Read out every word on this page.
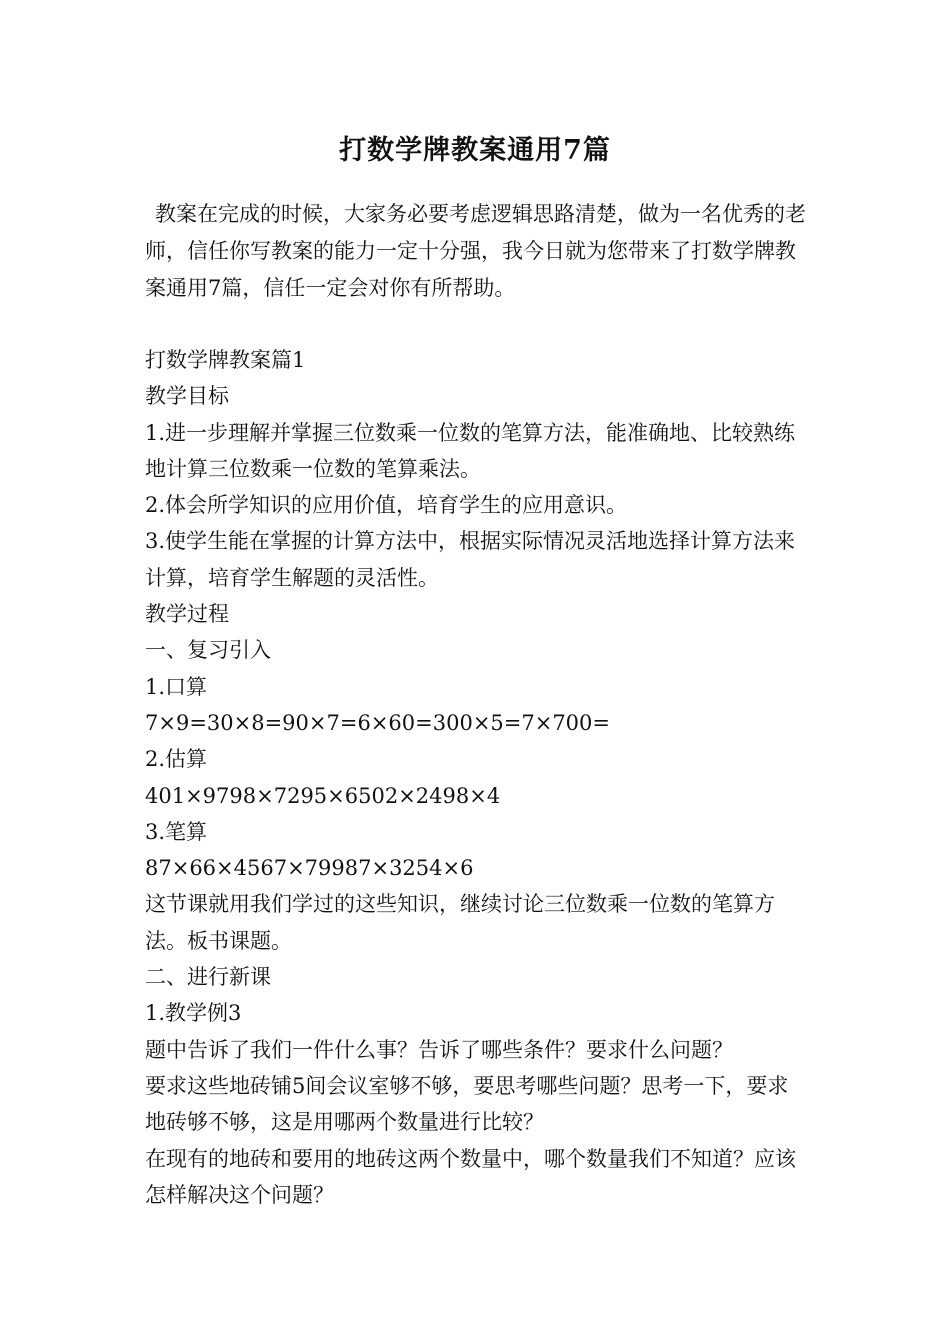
打数学牌教案通用7篇

教案在完成的时候，大家务必要考虑逻辑思路清楚，做为一名优秀的老师，信任你写教案的能力一定十分强，我今日就为您带来了打数学牌教案通用7篇，信任一定会对你有所帮助。

打数学牌教案篇1

教学目标

1.进一步理解并掌握三位数乘一位数的笔算方法，能准确地、比较熟练地计算三位数乘一位数的笔算乘法。

2.体会所学知识的应用价值，培育学生的应用意识。

3.使学生能在掌握的计算方法中，根据实际情况灵活地选择计算方法来计算，培育学生解题的灵活性。

教学过程

一、复习引入

1.口算

7×9=30×8=90×7=6×60=300×5=7×700=

2.估算

401×9798×7295×6502×2498×4

3.笔算

87×66×4567×79987×3254×6

这节课就用我们学过的这些知识，继续讨论三位数乘一位数的笔算方法。板书课题。

二、进行新课

1.教学例3

题中告诉了我们一件什么事？告诉了哪些条件？要求什么问题？

要求这些地砖铺5间会议室够不够，要思考哪些问题？思考一下，要求地砖够不够，这是用哪两个数量进行比较？

在现有的地砖和要用的地砖这两个数量中，哪个数量我们不知道？应该怎样解决这个问题？
